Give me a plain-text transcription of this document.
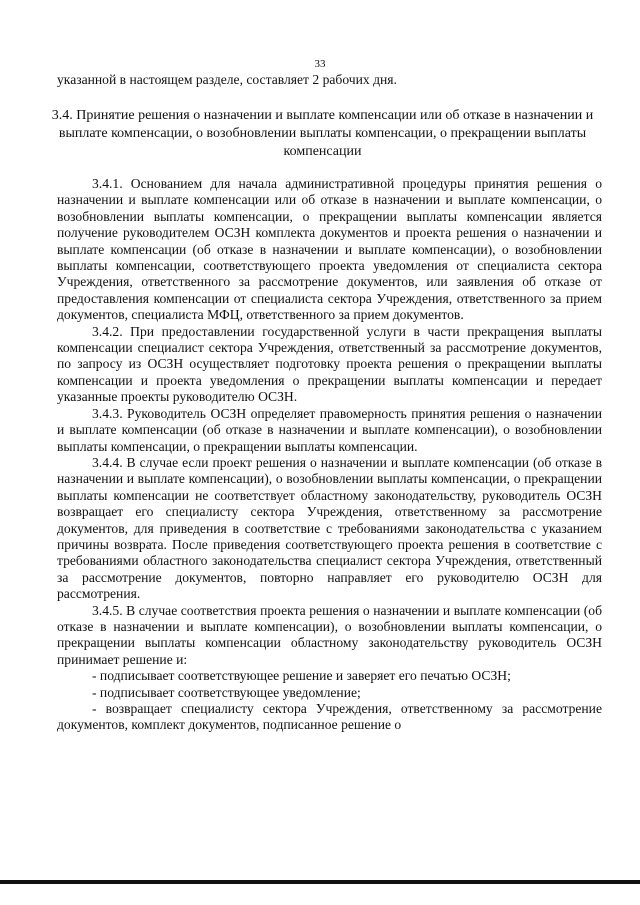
33
указанной в настоящем разделе, составляет 2 рабочих дня.
3.4. Принятие решения о назначении и выплате компенсации или об отказе в назначении и выплате компенсации, о возобновлении выплаты компенсации, о прекращении выплаты компенсации

3.4.1. Основанием для начала административной процедуры принятия решения о назначении и выплате компенсации или об отказе в назначении и выплате компенсации, о возобновлении выплаты компенсации, о прекращении выплаты компенсации является получение руководителем ОСЗН комплекта документов и проекта решения о назначении и выплате компенсации (об отказе в назначении и выплате компенсации), о возобновлении выплаты компенсации, соответствующего проекта уведомления от специалиста сектора Учреждения, ответственного за рассмотрение документов, или заявления об отказе от предоставления компенсации от специалиста сектора Учреждения, ответственного за прием документов, специалиста МФЦ, ответственного за прием документов.

3.4.2. При предоставлении государственной услуги в части прекращения выплаты компенсации специалист сектора Учреждения, ответственный за рассмотрение документов, по запросу из ОСЗН осуществляет подготовку проекта решения о прекращении выплаты компенсации и проекта уведомления о прекращении выплаты компенсации и передает указанные проекты руководителю ОСЗН.

3.4.3. Руководитель ОСЗН определяет правомерность принятия решения о назначении и выплате компенсации (об отказе в назначении и выплате компенсации), о возобновлении выплаты компенсации, о прекращении выплаты компенсации.

3.4.4. В случае если проект решения о назначении и выплате компенсации (об отказе в назначении и выплате компенсации), о возобновлении выплаты компенсации, о прекращении выплаты компенсации не соответствует областному законодательству, руководитель ОСЗН возвращает его специалисту сектора Учреждения, ответственному за рассмотрение документов, для приведения в соответствие с требованиями законодательства с указанием причины возврата. После приведения соответствующего проекта решения в соответствие с требованиями областного законодательства специалист сектора Учреждения, ответственный за рассмотрение документов, повторно направляет его руководителю ОСЗН для рассмотрения.

3.4.5. В случае соответствия проекта решения о назначении и выплате компенсации (об отказе в назначении и выплате компенсации), о возобновлении выплаты компенсации, о прекращении выплаты компенсации областному законодательству руководитель ОСЗН принимает решение и:

- подписывает соответствующее решение и заверяет его печатью ОСЗН;

- подписывает соответствующее уведомление;

- возвращает специалисту сектора Учреждения, ответственному за рассмотрение документов, комплект документов, подписанное решение о
